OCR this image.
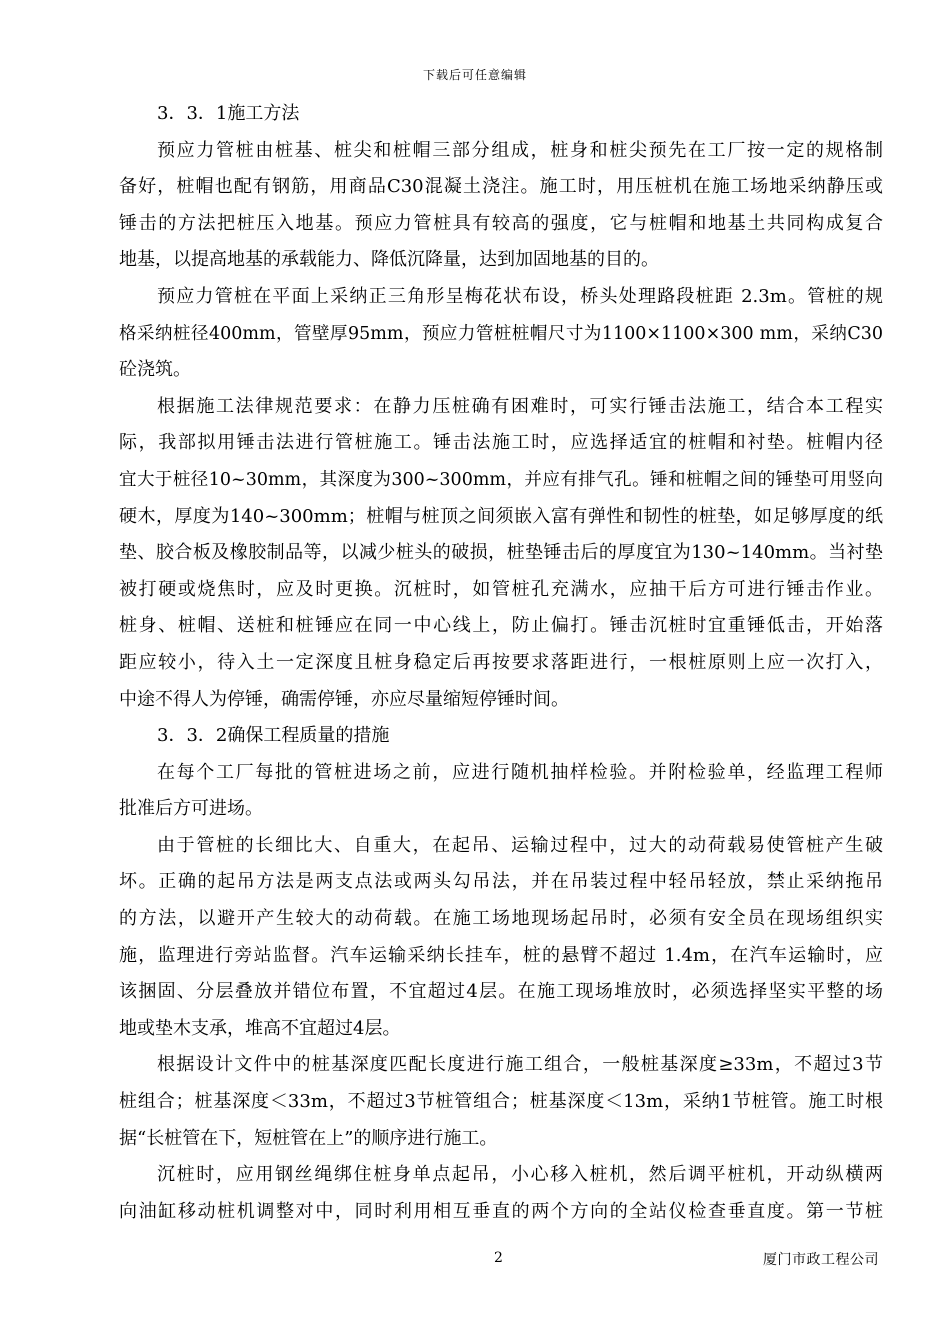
下载后可任意编辑
3．3．1施工方法
预应力管桩由桩基、桩尖和桩帽三部分组成，桩身和桩尖预先在工厂按一定的规格制
备好，桩帽也配有钢筋，用商品C30混凝土浇注。施工时，用压桩机在施工场地采纳静压或
锤击的方法把桩压入地基。预应力管桩具有较高的强度，它与桩帽和地基土共同构成复合
地基，以提高地基的承载能力、降低沉降量，达到加固地基的目的。
预应力管桩在平面上采纳正三角形呈梅花状布设，桥头处理路段桩距 2.3m。管桩的规
格采纳桩径400mm，管壁厚95mm，预应力管桩桩帽尺寸为1100×1100×300 mm，采纳C30
砼浇筑。
根据施工法律规范要求：在静力压桩确有困难时，可实行锤击法施工，结合本工程实
际，我部拟用锤击法进行管桩施工。锤击法施工时，应选择适宜的桩帽和衬垫。桩帽内径
宜大于桩径10~30mm，其深度为300~300mm，并应有排气孔。锤和桩帽之间的锤垫可用竖向
硬木，厚度为140~300mm；桩帽与桩顶之间须嵌入富有弹性和韧性的桩垫，如足够厚度的纸
垫、胶合板及橡胶制品等，以减少桩头的破损，桩垫锤击后的厚度宜为130~140mm。当衬垫
被打硬或烧焦时，应及时更换。沉桩时，如管桩孔充满水，应抽干后方可进行锤击作业。
桩身、桩帽、送桩和桩锤应在同一中心线上，防止偏打。锤击沉桩时宜重锤低击，开始落
距应较小，待入土一定深度且桩身稳定后再按要求落距进行，一根桩原则上应一次打入，
中途不得人为停锤，确需停锤，亦应尽量缩短停锤时间。
3．3．2确保工程质量的措施
在每个工厂每批的管桩进场之前，应进行随机抽样检验。并附检验单，经监理工程师
批准后方可进场。
由于管桩的长细比大、自重大，在起吊、运输过程中，过大的动荷载易使管桩产生破
坏。正确的起吊方法是两支点法或两头勾吊法，并在吊装过程中轻吊轻放，禁止采纳拖吊
的方法，以避开产生较大的动荷载。在施工场地现场起吊时，必须有安全员在现场组织实
施，监理进行旁站监督。汽车运输采纳长挂车，桩的悬臂不超过 1.4m，在汽车运输时，应
该捆固、分层叠放并错位布置，不宜超过4层。在施工现场堆放时，必须选择坚实平整的场
地或垫木支承，堆高不宜超过4层。
根据设计文件中的桩基深度匹配长度进行施工组合，一般桩基深度≥33m，不超过3节
桩组合；桩基深度＜33m，不超过3节桩管组合；桩基深度＜13m，采纳1节桩管。施工时根
据“长桩管在下，短桩管在上”的顺序进行施工。
沉桩时，应用钢丝绳绑住桩身单点起吊，小心移入桩机，然后调平桩机，开动纵横两
向油缸移动桩机调整对中，同时利用相互垂直的两个方向的全站仪检查垂直度。第一节桩
2	厦门市政工程公司
